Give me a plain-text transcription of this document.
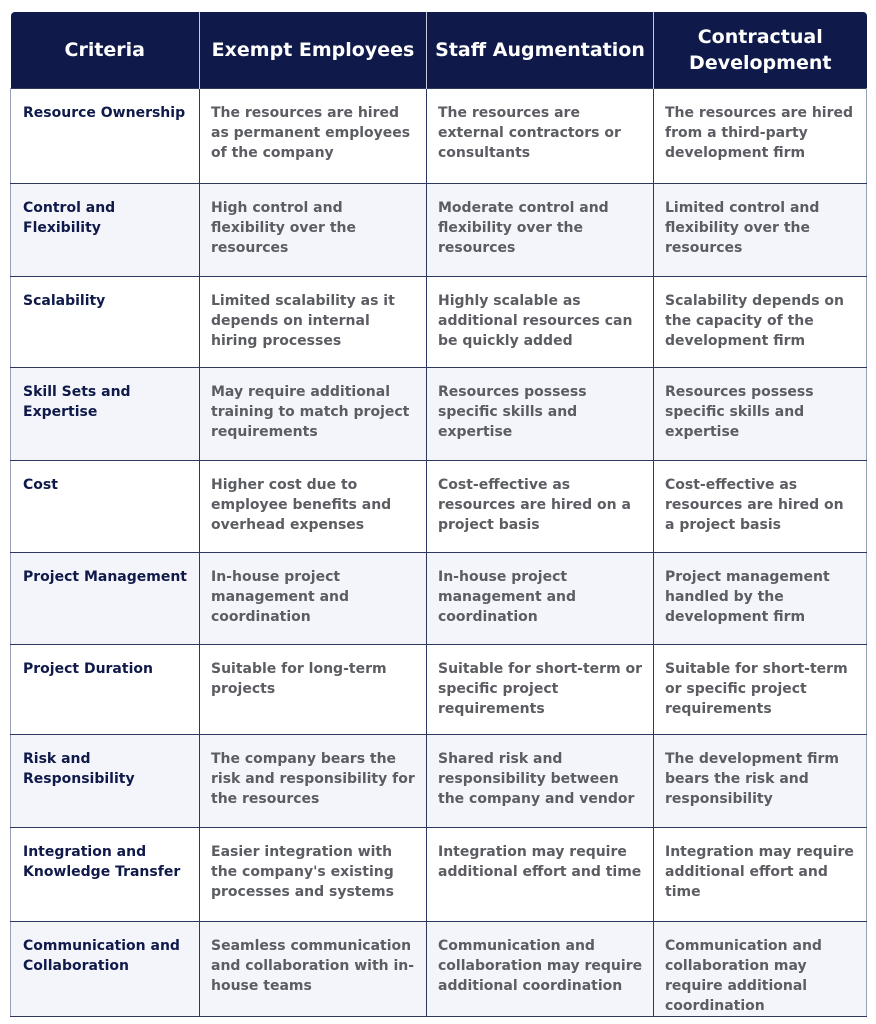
Criteria	Exempt Employees	Staff Augmentation	Contractual Development
Resource Ownership	The resources are hired as permanent employees of the company	The resources are external contractors or consultants	The resources are hired from a third-party development firm
Control and Flexibility	High control and flexibility over the resources	Moderate control and flexibility over the resources	Limited control and flexibility over the resources
Scalability	Limited scalability as it depends on internal hiring processes	Highly scalable as additional resources can be quickly added	Scalability depends on the capacity of the development firm
Skill Sets and Expertise	May require additional training to match project requirements	Resources possess specific skills and expertise	Resources possess specific skills and expertise
Cost	Higher cost due to employee benefits and overhead expenses	Cost-effective as resources are hired on a project basis	Cost-effective as resources are hired on a project basis
Project Management	In-house project management and coordination	In-house project management and coordination	Project management handled by the development firm
Project Duration	Suitable for long-term projects	Suitable for short-term or specific project requirements	Suitable for short-term or specific project requirements
Risk and Responsibility	The company bears the risk and responsibility for the resources	Shared risk and responsibility between the company and vendor	The development firm bears the risk and responsibility
Integration and Knowledge Transfer	Easier integration with the company's existing processes and systems	Integration may require additional effort and time	Integration may require additional effort and time
Communication and Collaboration	Seamless communication and collaboration with in-house teams	Communication and collaboration may require additional coordination	Communication and collaboration may require additional coordination
